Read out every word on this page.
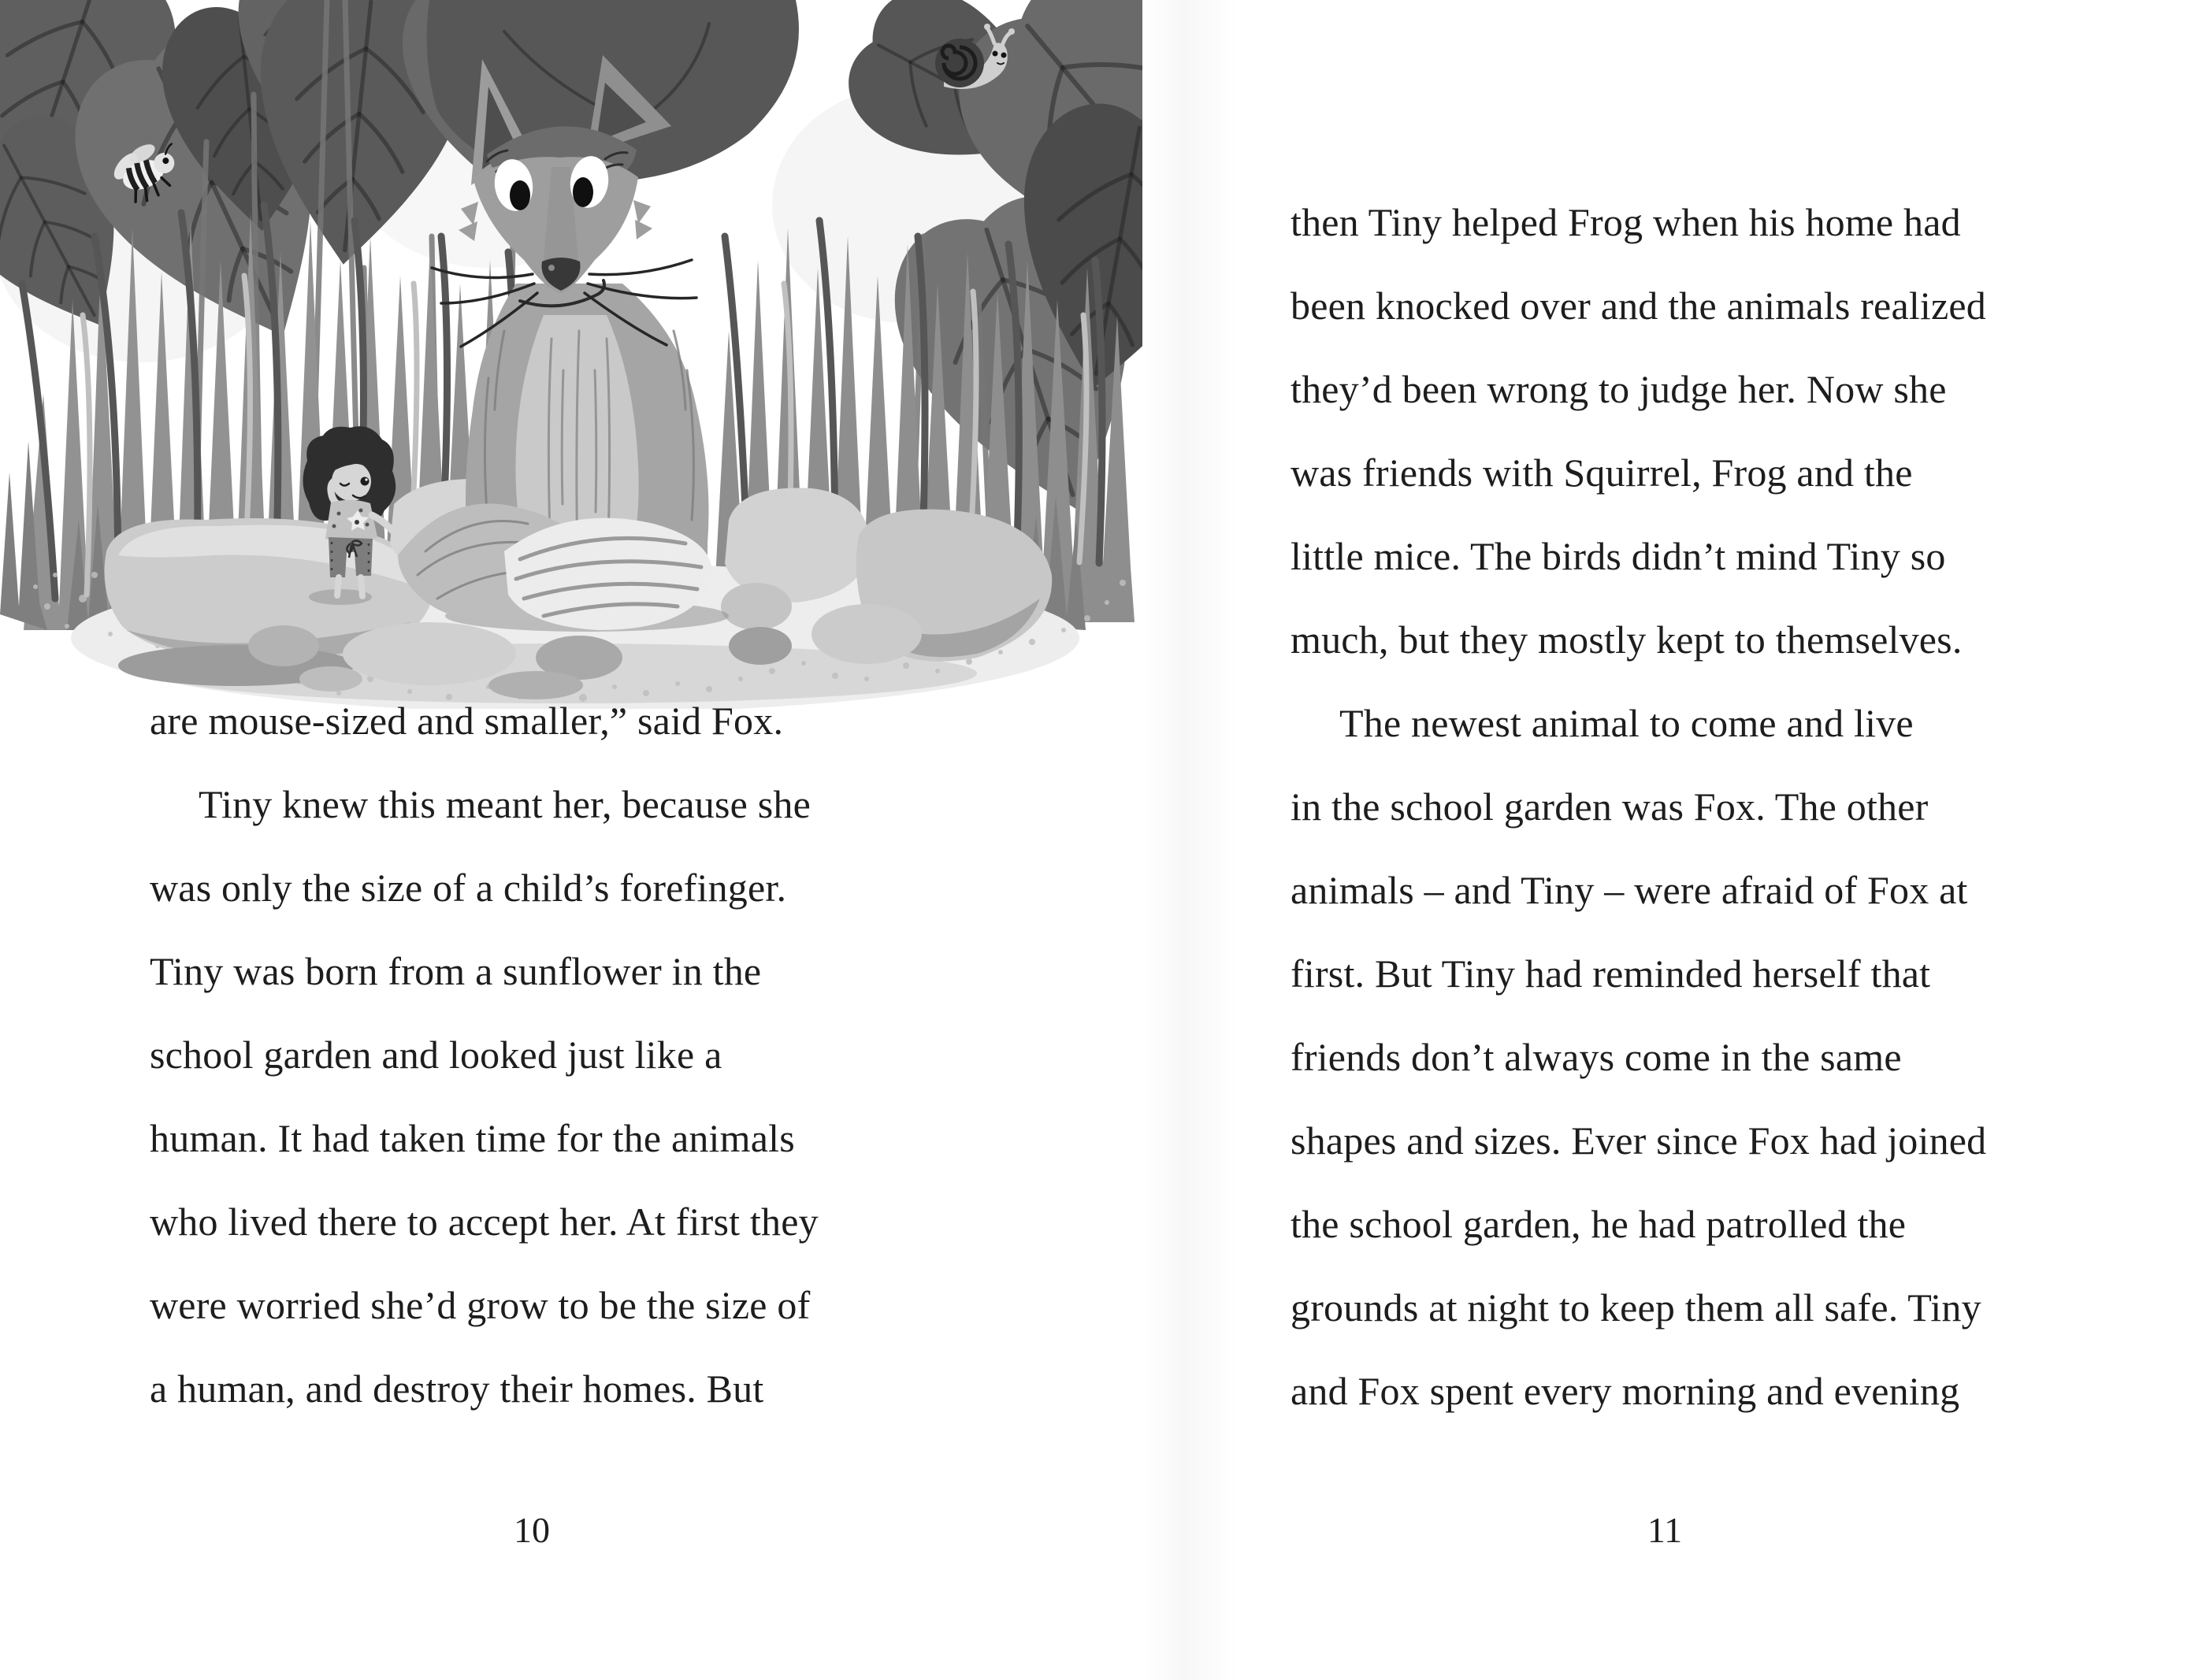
are mouse-sized and smaller,” said Fox.
Tiny knew this meant her, because she
was only the size of a child’s forefinger.
Tiny was born from a sunflower in the
school garden and looked just like a
human. It had taken time for the animals
who lived there to accept her. At first they
were worried she’d grow to be the size of
a human, and destroy their homes. But
10
then Tiny helped Frog when his home had
been knocked over and the animals realized
they’d been wrong to judge her. Now she
was friends with Squirrel, Frog and the
little mice. The birds didn’t mind Tiny so
much, but they mostly kept to themselves.
The newest animal to come and live
in the school garden was Fox. The other
animals – and Tiny – were afraid of Fox at
first. But Tiny had reminded herself that
friends don’t always come in the same
shapes and sizes. Ever since Fox had joined
the school garden, he had patrolled the
grounds at night to keep them all safe. Tiny
and Fox spent every morning and evening
11
